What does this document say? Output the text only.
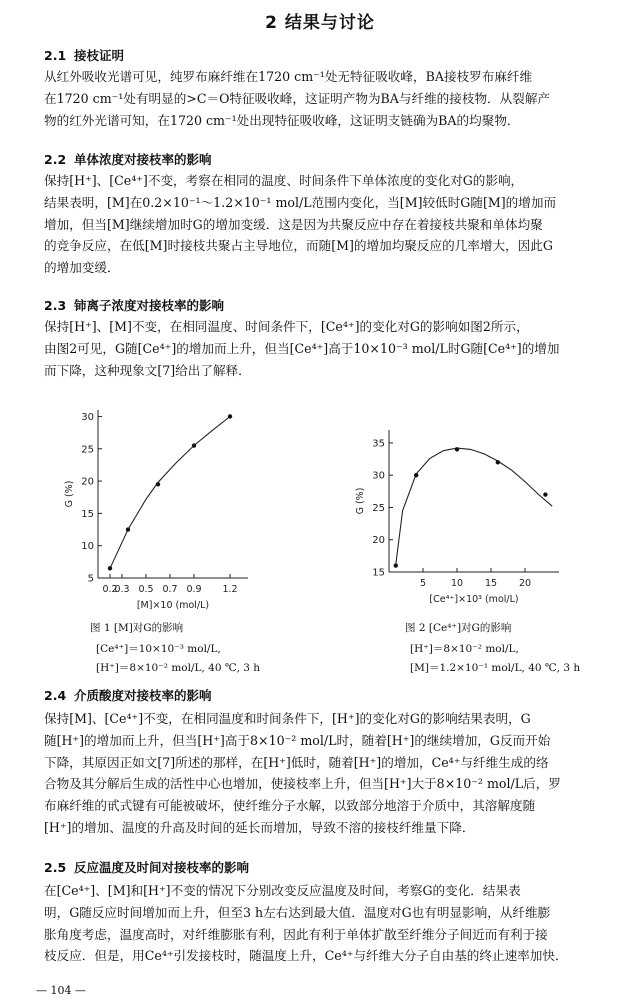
2 结果与讨论
2.1 接枝证明
从红外吸收光谱可见，纯罗布麻纤维在1720 cm⁻¹处无特征吸收峰，BA接枝罗布麻纤维
在1720 cm⁻¹处有明显的>C＝O特征吸收峰，这证明产物为BA与纤维的接枝物．从裂解产
物的红外光谱可知，在1720 cm⁻¹处出现特征吸收峰，这证明支链确为BA的均聚物．
2.2 单体浓度对接枝率的影响
保持[H⁺]、[Ce⁴⁺]不变，考察在相同的温度、时间条件下单体浓度的变化对G的影响，
结果表明，[M]在0.2×10⁻¹～1.2×10⁻¹ mol/L范围内变化，当[M]较低时G随[M]的增加而
增加，但当[M]继续增加时G的增加变缓．这是因为共聚反应中存在着接枝共聚和单体均聚
的竞争反应，在低[M]时接枝共聚占主导地位，而随[M]的增加均聚反应的几率增大，因此G
的增加变缓．
2.3 铈离子浓度对接枝率的影响
保持[H⁺]、[M]不变，在相同温度、时间条件下，[Ce⁴⁺]的变化对G的影响如图2所示，
由图2可见，G随[Ce⁴⁺]的增加而上升，但当[Ce⁴⁺]高于10×10⁻³ mol/L时G随[Ce⁴⁺]的增加
而下降，这种现象文[7]给出了解释．
5
10
15
20
25
30
0.2
0.3 0.5 0.7 0.9 1.2
[M]×10 (mol/L)
G (%)
图 1 [M]对G的影响
[Ce⁴⁺]＝10×10⁻³ mol/L,
[H⁺]＝8×10⁻² mol/L, 40 ℃, 3 h
15
20
25
30
35
5	10 15 20
[Ce⁴⁺]×10³ (mol/L)
G (%)
图 2 [Ce⁴⁺]对G的影响
[H⁺]＝8×10⁻² mol/L,
[M]＝1.2×10⁻¹ mol/L, 40 ℃, 3 h
2.4 介质酸度对接枝率的影响
保持[M]、[Ce⁴⁺]不变，在相同温度和时间条件下，[H⁺]的变化对G的影响结果表明，G
随[H⁺]的增加而上升，但当[H⁺]高于8×10⁻² mol/L时，随着[H⁺]的继续增加，G反而开始
下降，其原因正如文[7]所述的那样，在[H⁺]低时，随着[H⁺]的增加，Ce⁴⁺与纤维生成的络
合物及其分解后生成的活性中心也增加，使接枝率上升，但当[H⁺]大于8×10⁻² mol/L后，罗
布麻纤维的甙式键有可能被破坏，使纤维分子水解，以致部分地溶于介质中，其溶解度随
[H⁺]的增加、温度的升高及时间的延长而增加，导致不溶的接枝纤维量下降．
2.5 反应温度及时间对接枝率的影响
在[Ce⁴⁺]、[M]和[H⁺]不变的情况下分别改变反应温度及时间，考察G的变化．结果表
明，G随反应时间增加而上升，但至3 h左右达到最大值．温度对G也有明显影响，从纤维膨
胀角度考虑，温度高时，对纤维膨胀有利，因此有利于单体扩散至纤维分子间近而有利于接
枝反应．但是，用Ce⁴⁺引发接枝时，随温度上升，Ce⁴⁺与纤维大分子自由基的终止速率加快．
— 104 —
